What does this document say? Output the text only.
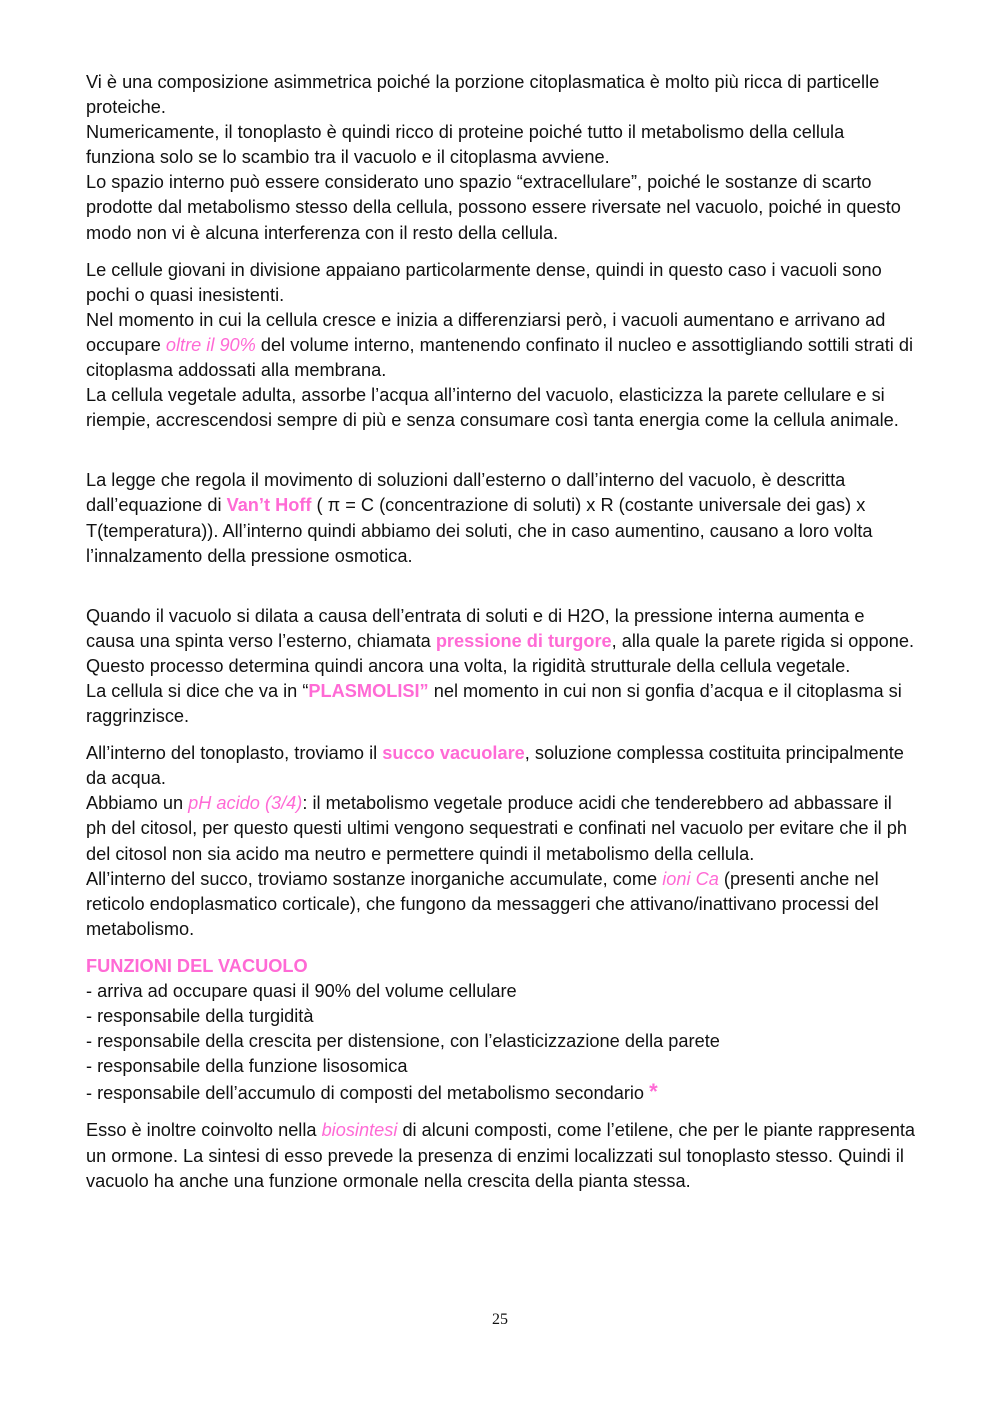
Vi è una composizione asimmetrica poiché la porzione citoplasmatica è molto più ricca di particelle proteiche.

Numericamente, il tonoplasto è quindi ricco di proteine poiché tutto il metabolismo della cellula funziona solo se lo scambio tra il vacuolo e il citoplasma avviene.

Lo spazio interno può essere considerato uno spazio “extracellulare”, poiché le sostanze di scarto prodotte dal metabolismo stesso della cellula, possono essere riversate nel vacuolo, poiché in questo modo non vi è alcuna interferenza con il resto della cellula.

Le cellule giovani in divisione appaiano particolarmente dense, quindi in questo caso i vacuoli sono pochi o quasi inesistenti.

Nel momento in cui la cellula cresce e inizia a differenziarsi però, i vacuoli aumentano e arrivano ad occupare oltre il 90% del volume interno, mantenendo confinato il nucleo e assottigliando sottili strati di citoplasma addossati alla membrana.

La cellula vegetale adulta, assorbe l’acqua all’interno del vacuolo, elasticizza la parete cellulare e si riempie, accrescendosi sempre di più e senza consumare così tanta energia come la cellula animale.

La legge che regola il movimento di soluzioni dall’esterno o dall’interno del vacuolo, è descritta dall’equazione di Van’t Hoff ( π = C (concentrazione di soluti) x R (costante universale dei gas) x T(temperatura)). All’interno quindi abbiamo dei soluti, che in caso aumentino, causano a loro volta l’innalzamento della pressione osmotica.

Quando il vacuolo si dilata a causa dell’entrata di soluti e di H2O, la pressione interna aumenta e causa una spinta verso l’esterno, chiamata pressione di turgore, alla quale la parete rigida si oppone. Questo processo determina quindi ancora una volta, la rigidità strutturale della cellula vegetale.

La cellula si dice che va in “PLASMOLISI” nel momento in cui non si gonfia d’acqua e il citoplasma si raggrinzisce.

All’interno del tonoplasto, troviamo il succo vacuolare, soluzione complessa costituita principalmente da acqua.

Abbiamo un pH acido (3/4): il metabolismo vegetale produce acidi che tenderebbero ad abbassare il ph del citosol, per questo questi ultimi vengono sequestrati e confinati nel vacuolo per evitare che il ph del citosol non sia acido ma neutro e permettere quindi il metabolismo della cellula.

All’interno del succo, troviamo sostanze inorganiche accumulate, come ioni Ca (presenti anche nel reticolo endoplasmatico corticale), che fungono da messaggeri che attivano/inattivano processi del metabolismo.

FUNZIONI DEL VACUOLO

- arriva ad occupare quasi il 90% del volume cellulare

- responsabile della turgidità

- responsabile della crescita per distensione, con l’elasticizzazione della parete

- responsabile della funzione lisosomica

- responsabile dell’accumulo di composti del metabolismo secondario *

Esso è inoltre coinvolto nella biosintesi di alcuni composti, come l’etilene, che per le piante rappresenta un ormone. La sintesi di esso prevede la presenza di enzimi localizzati sul tonoplasto stesso. Quindi il vacuolo ha anche una funzione ormonale nella crescita della pianta stessa.

25
